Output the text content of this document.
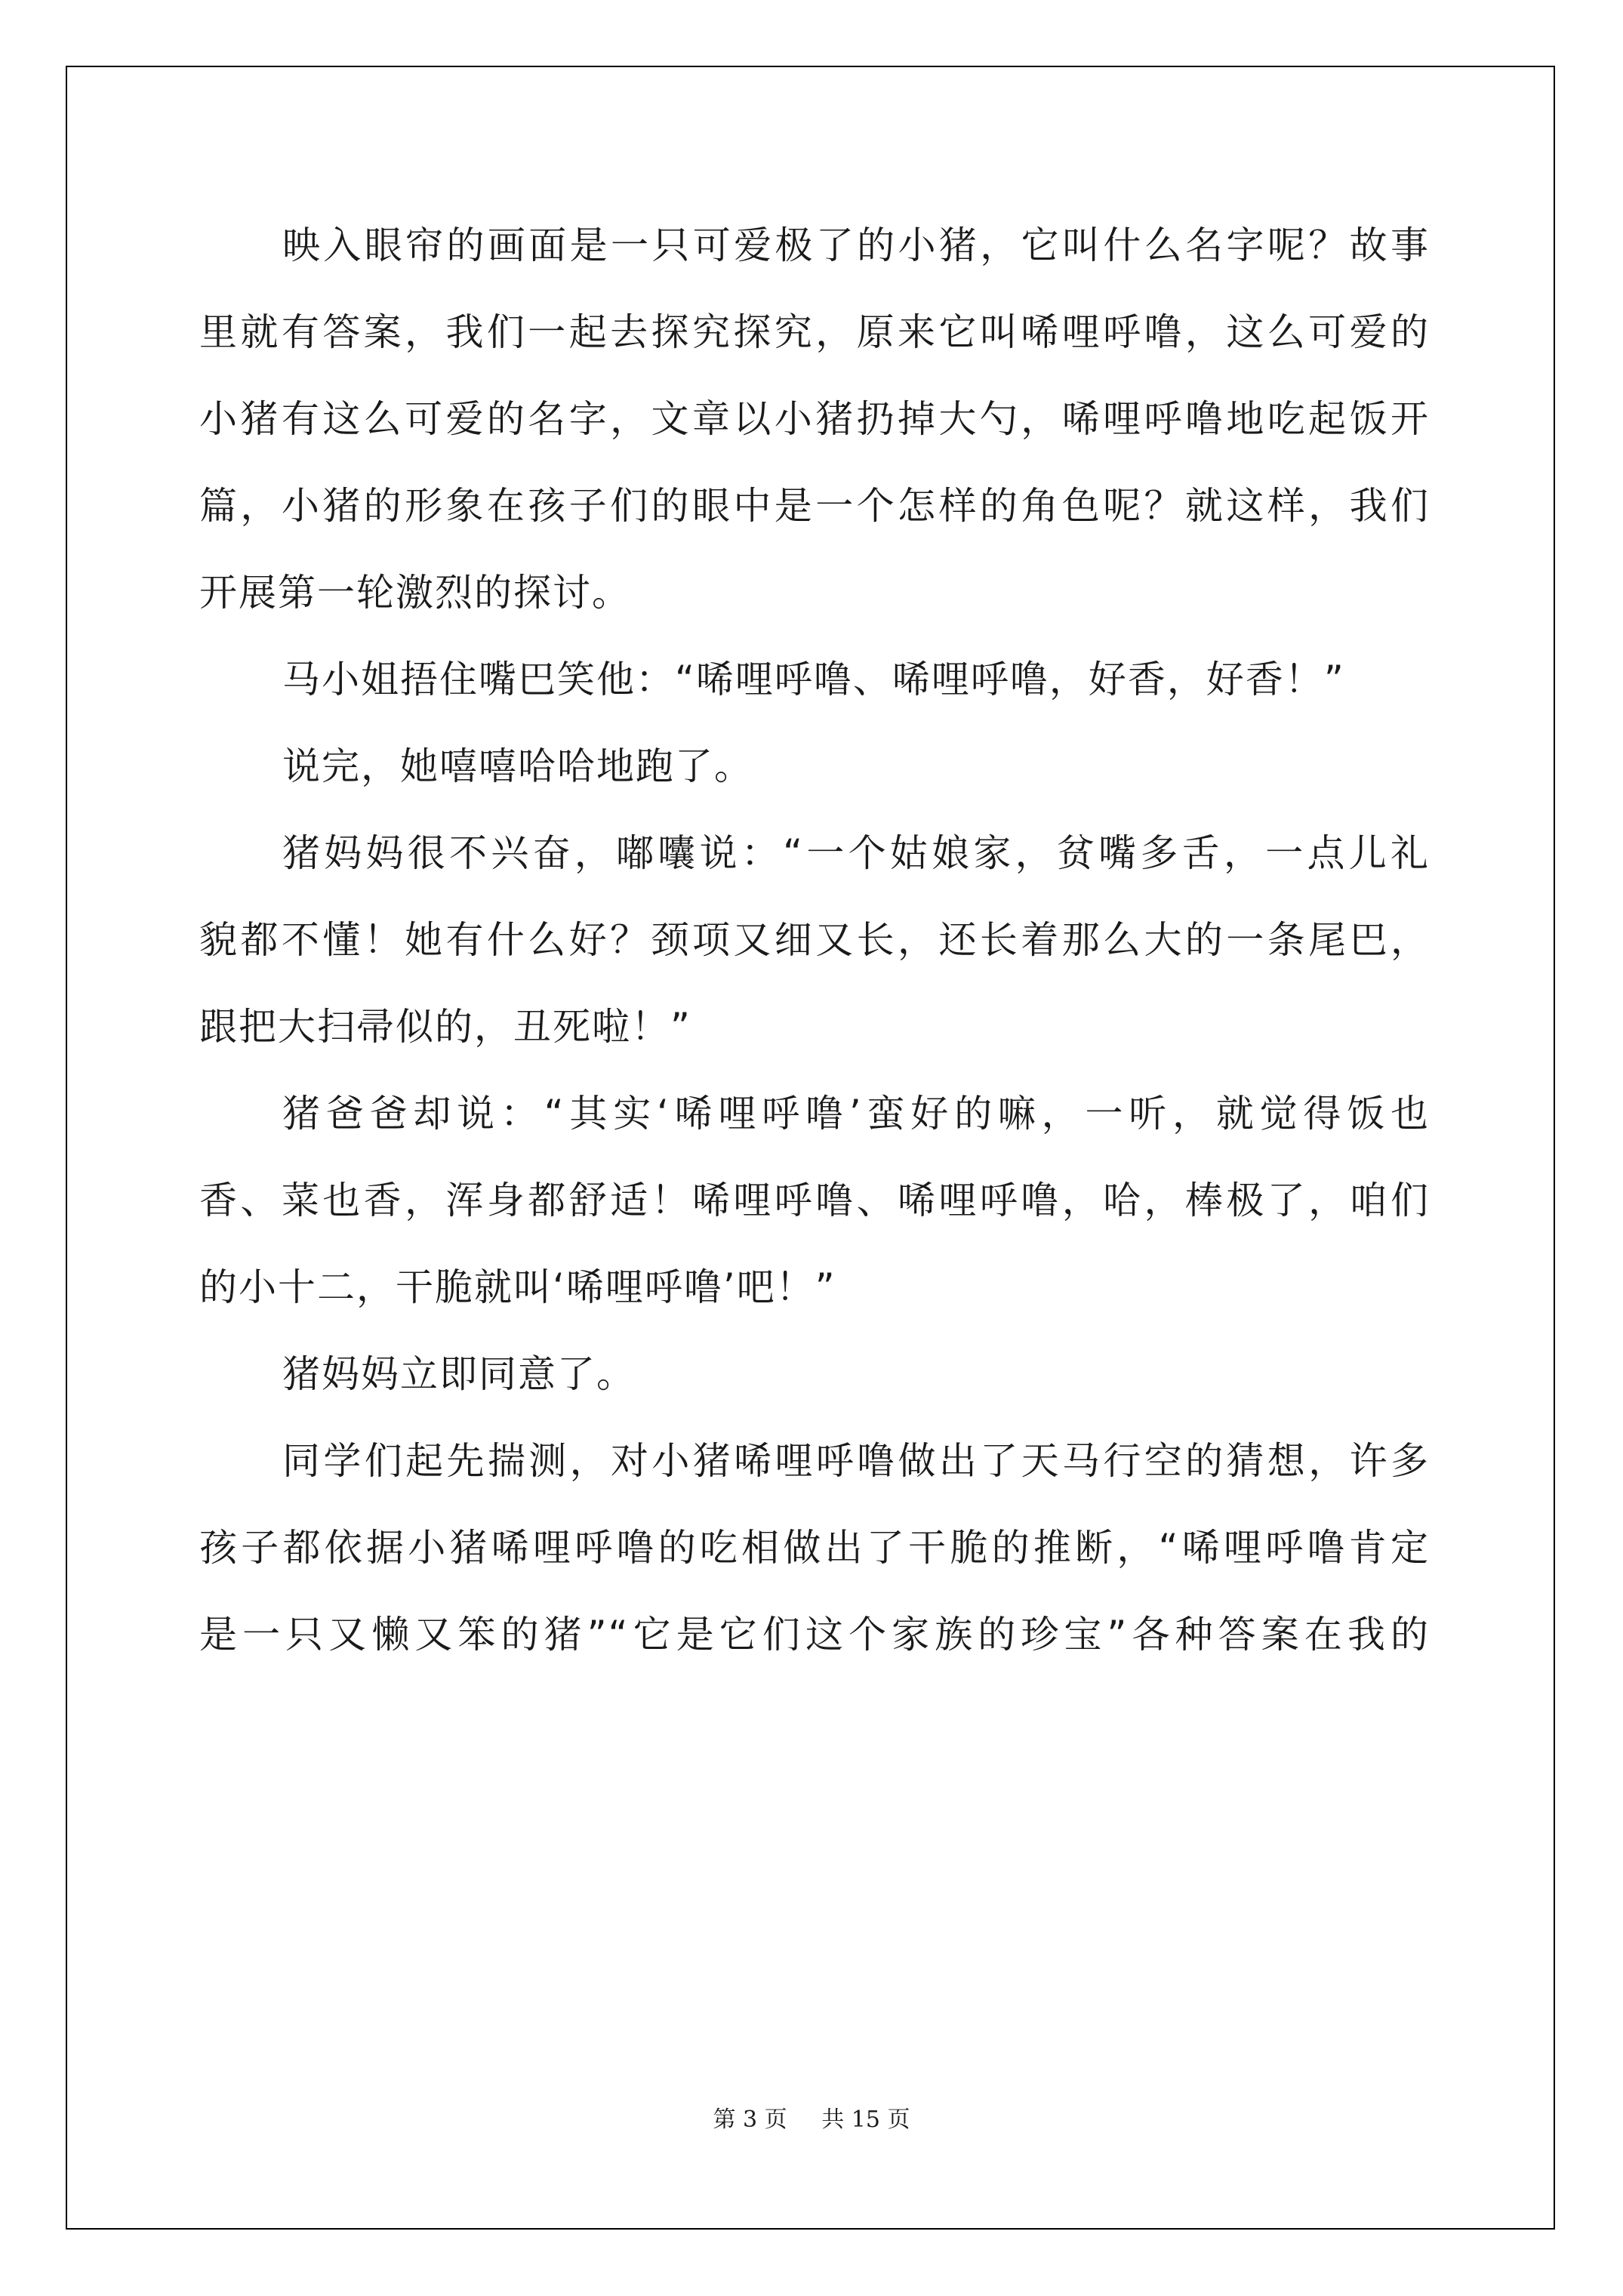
映入眼帘的画面是一只可爱极了的小猪，它叫什么名字呢？故事
里就有答案，我们一起去探究探究，原来它叫唏哩呼噜，这么可爱的
小猪有这么可爱的名字，文章以小猪扔掉大勺，唏哩呼噜地吃起饭开
篇，小猪的形象在孩子们的眼中是一个怎样的角色呢？就这样，我们
开展第一轮激烈的探讨。
马小姐捂住嘴巴笑他：“唏哩呼噜、唏哩呼噜，好香，好香！”
说完，她嘻嘻哈哈地跑了。
猪妈妈很不兴奋，嘟囔说：“一个姑娘家，贫嘴多舌，一点儿礼
貌都不懂！她有什么好？颈项又细又长，还长着那么大的一条尾巴，
跟把大扫帚似的，丑死啦！”
猪爸爸却说：“其实‘唏哩呼噜’蛮好的嘛，一听，就觉得饭也
香、菜也香，浑身都舒适！唏哩呼噜、唏哩呼噜，哈，棒极了，咱们
的小十二，干脆就叫‘唏哩呼噜’吧！”
猪妈妈立即同意了。
同学们起先揣测，对小猪唏哩呼噜做出了天马行空的猜想，许多
孩子都依据小猪唏哩呼噜的吃相做出了干脆的推断，“唏哩呼噜肯定
是一只又懒又笨的猪”“它是它们这个家族的珍宝”各种答案在我的
第 3 页 共 15 页
